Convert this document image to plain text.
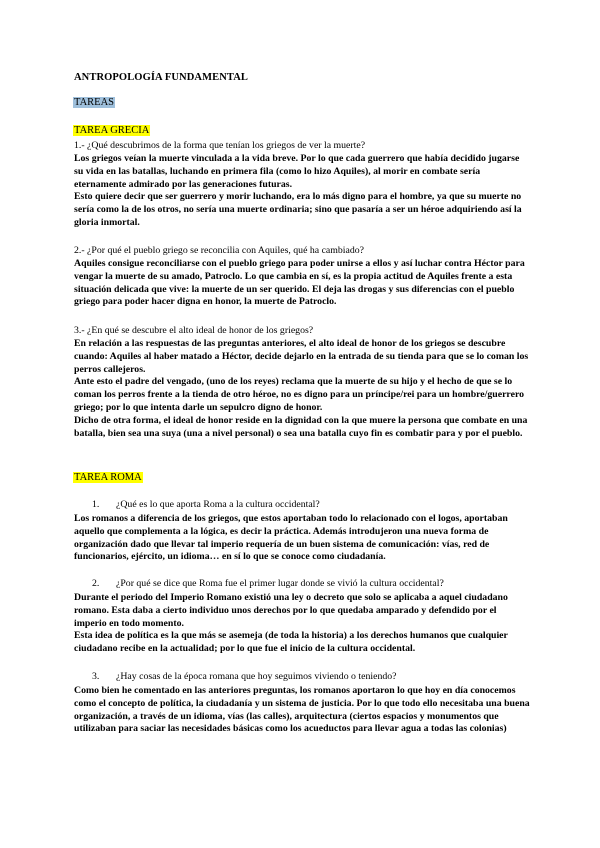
ANTROPOLOGÍA FUNDAMENTAL
TAREAS
TAREA GRECIA
1.- ¿Qué descubrimos de la forma que tenían los griegos de ver la muerte?

Los griegos veían la muerte vinculada a la vida breve. Por lo que cada guerrero que había decidido jugarse su vida en las batallas, luchando en primera fila (como lo hizo Aquiles), al morir en combate sería eternamente admirado por las generaciones futuras.

Esto quiere decir que ser guerrero y morir luchando, era lo más digno para el hombre, ya que su muerte no sería como la de los otros, no sería una muerte ordinaria; sino que pasaría a ser un héroe adquiriendo así la gloria inmortal.

2.- ¿Por qué el pueblo griego se reconcilia con Aquiles, qué ha cambiado?

Aquiles consigue reconciliarse con el pueblo griego para poder unirse a ellos y así luchar contra Héctor para vengar la muerte de su amado, Patroclo. Lo que cambia en sí, es la propia actitud de Aquiles frente a esta situación delicada que vive: la muerte de un ser querido. El deja las drogas y sus diferencias con el pueblo griego para poder hacer digna en honor, la muerte de Patroclo.

3.- ¿En qué se descubre el alto ideal de honor de los griegos?

En relación a las respuestas de las preguntas anteriores, el alto ideal de honor de los griegos se descubre cuando: Aquiles al haber matado a Héctor, decide dejarlo en la entrada de su tienda para que se lo coman los perros callejeros.

Ante esto el padre del vengado, (uno de los reyes) reclama que la muerte de su hijo y el hecho de que se lo coman los perros frente a la tienda de otro héroe, no es digno para un príncipe/rei para un hombre/guerrero griego; por lo que intenta darle un sepulcro digno de honor.

Dicho de otra forma, el ideal de honor reside en la dignidad con la que muere la persona que combate en una batalla, bien sea una suya (una a nivel personal) o sea una batalla cuyo fin es combatir para y por el pueblo.

TAREA ROMA
1. ¿Qué es lo que aporta Roma a la cultura occidental?

Los romanos a diferencia de los griegos, que estos aportaban todo lo relacionado con el logos, aportaban aquello que complementa a la lógica, es decir la práctica. Además introdujeron una nueva forma de organización dado que llevar tal imperio requería de un buen sistema de comunicación: vías, red de funcionarios, ejército, un idioma… en sí lo que se conoce como ciudadanía.

2. ¿Por qué se dice que Roma fue el primer lugar donde se vivió la cultura occidental?

Durante el periodo del Imperio Romano existió una ley o decreto que solo se aplicaba a aquel ciudadano romano. Esta daba a cierto individuo unos derechos por lo que quedaba amparado y defendido por el imperio en todo momento.

Esta idea de política es la que más se asemeja (de toda la historia) a los derechos humanos que cualquier ciudadano recibe en la actualidad; por lo que fue el inicio de la cultura occidental.

3. ¿Hay cosas de la época romana que hoy seguimos viviendo o teniendo?

Como bien he comentado en las anteriores preguntas, los romanos aportaron lo que hoy en día conocemos como el concepto de política, la ciudadanía y un sistema de justicia. Por lo que todo ello necesitaba una buena organización, a través de un idioma, vías (las calles), arquitectura (ciertos espacios y monumentos que utilizaban para saciar las necesidades básicas como los acueductos para llevar agua a todas las colonias)
